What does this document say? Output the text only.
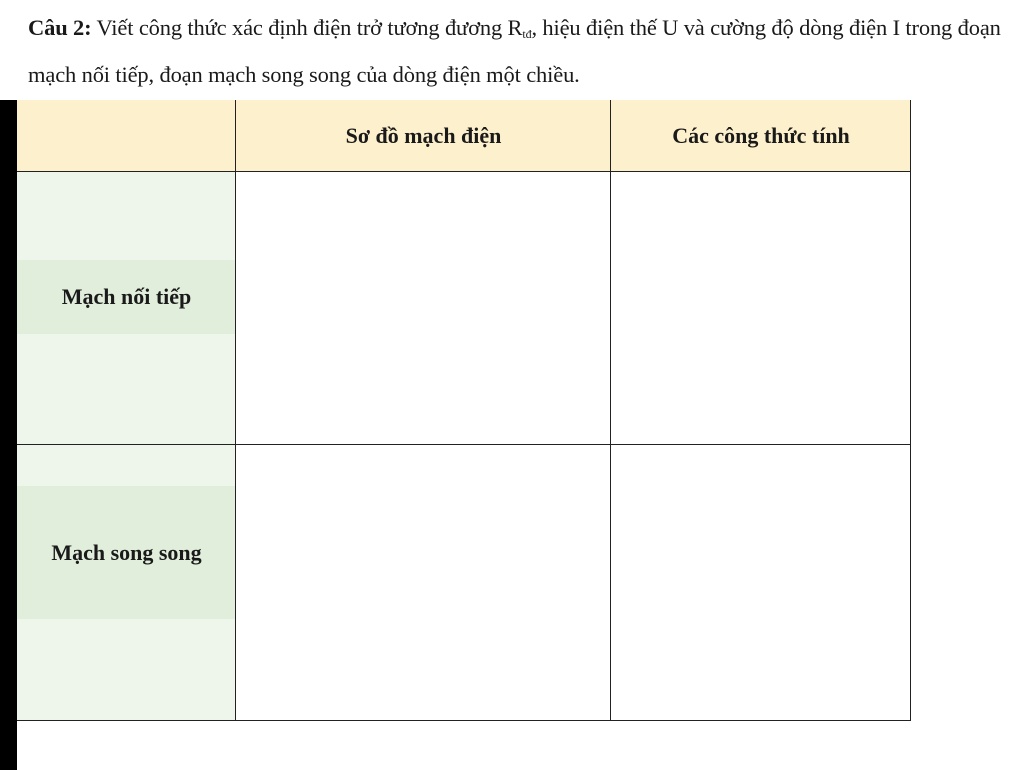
Câu 2: Viết công thức xác định điện trở tương đương $R_{tđ}$, hiệu điện thế U và cường độ dòng điện I trong đoạn mạch nối tiếp, đoạn mạch song song của dòng điện một chiều.
Sơ đồ mạch điện	Các công thức tính
Mạch nối tiếp
Mạch song song
